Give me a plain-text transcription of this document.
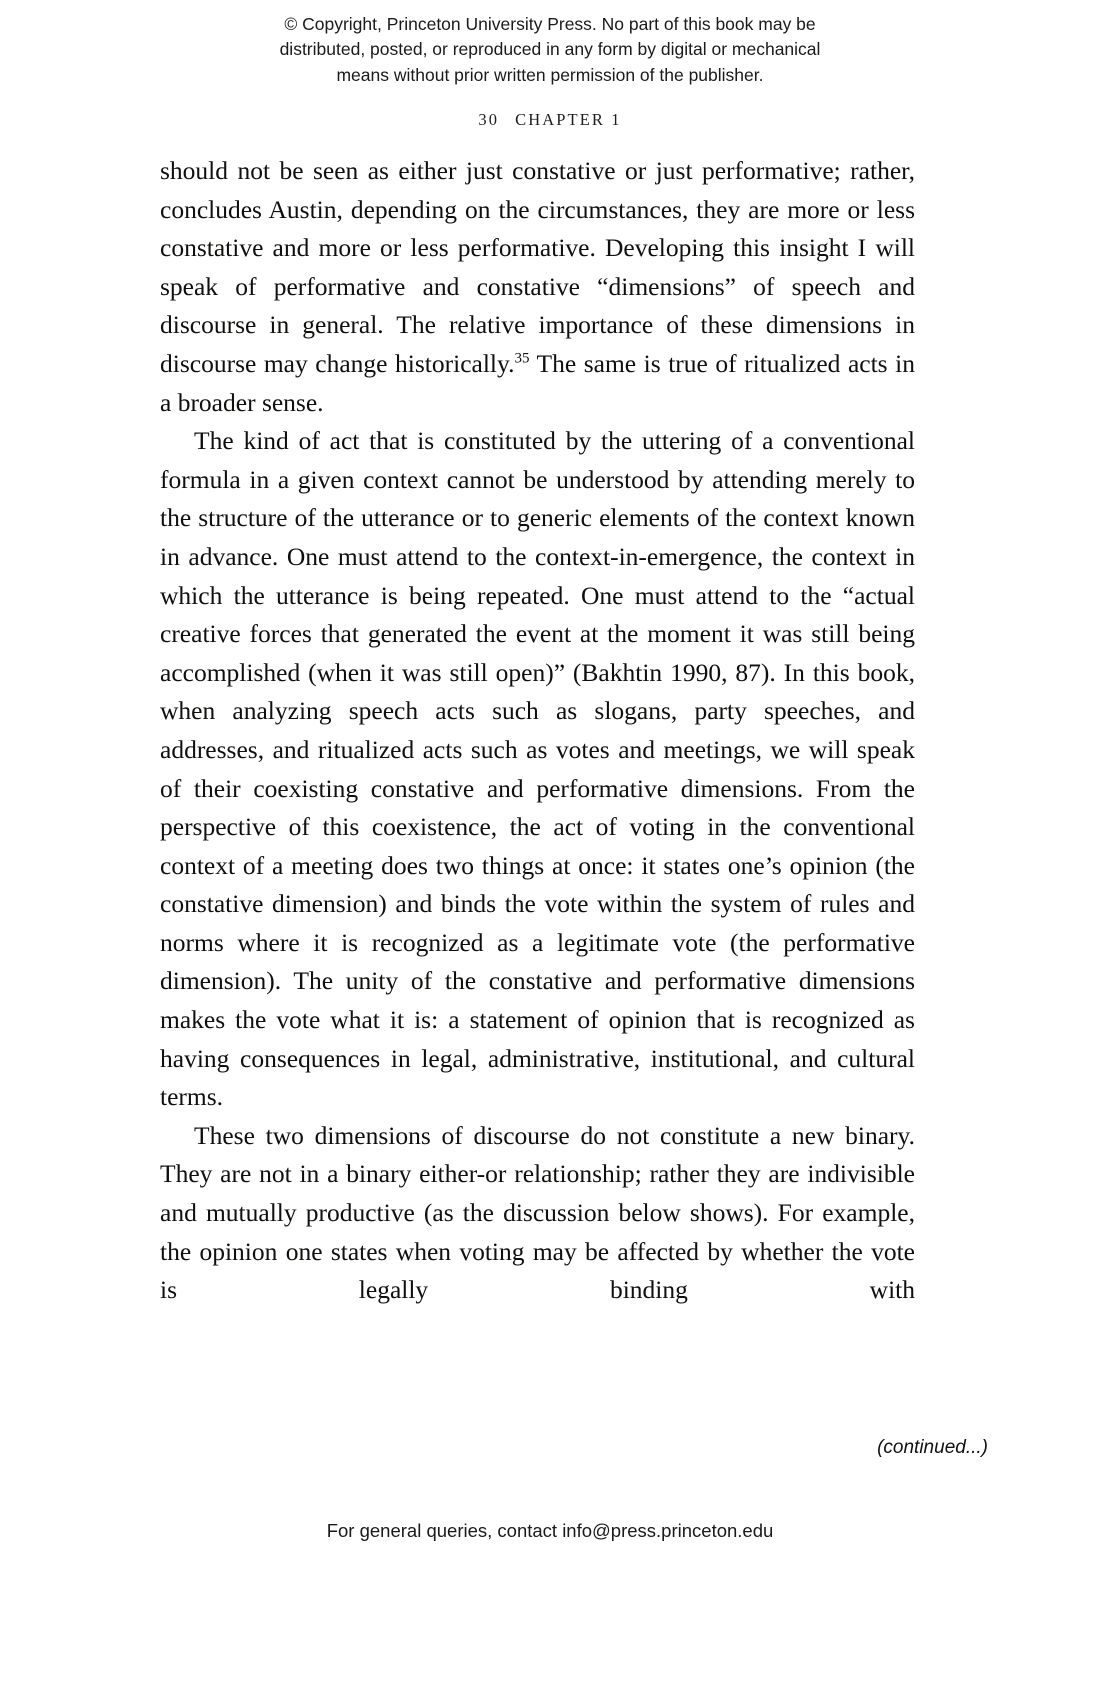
© Copyright, Princeton University Press. No part of this book may be
distributed, posted, or reproduced in any form by digital or mechanical
means without prior written permission of the publisher.
30 CHAPTER 1

should not be seen as either just constative or just performative; rather, concludes Austin, depending on the circumstances, they are more or less constative and more or less performative. Developing this insight I will speak of performative and constative “dimensions” of speech and discourse in general. The relative importance of these dimensions in discourse may change historically.$^{35}$ The same is true of ritualized acts in a broader sense.

The kind of act that is constituted by the uttering of a conventional formula in a given context cannot be understood by attending merely to the structure of the utterance or to generic elements of the context known in advance. One must attend to the context-in-emergence, the context in which the utterance is being repeated. One must attend to the “actual creative forces that generated the event at the moment it was still being accomplished (when it was still open)” (Bakhtin 1990, 87). In this book, when analyzing speech acts such as slogans, party speeches, and addresses, and ritualized acts such as votes and meetings, we will speak of their coexisting constative and performative dimensions. From the perspective of this coexistence, the act of voting in the conventional context of a meeting does two things at once: it states one’s opinion (the constative dimension) and binds the vote within the system of rules and norms where it is recognized as a legitimate vote (the performative dimension). The unity of the constative and performative dimensions makes the vote what it is: a statement of opinion that is recognized as having consequences in legal, administrative, institutional, and cultural terms.

These two dimensions of discourse do not constitute a new binary. They are not in a binary either-or relationship; rather they are indivisible and mutually productive (as the discussion below shows). For example, the opinion one states when voting may be affected by whether the vote is legally binding with

(continued...)
For general queries, contact info@press.princeton.edu
